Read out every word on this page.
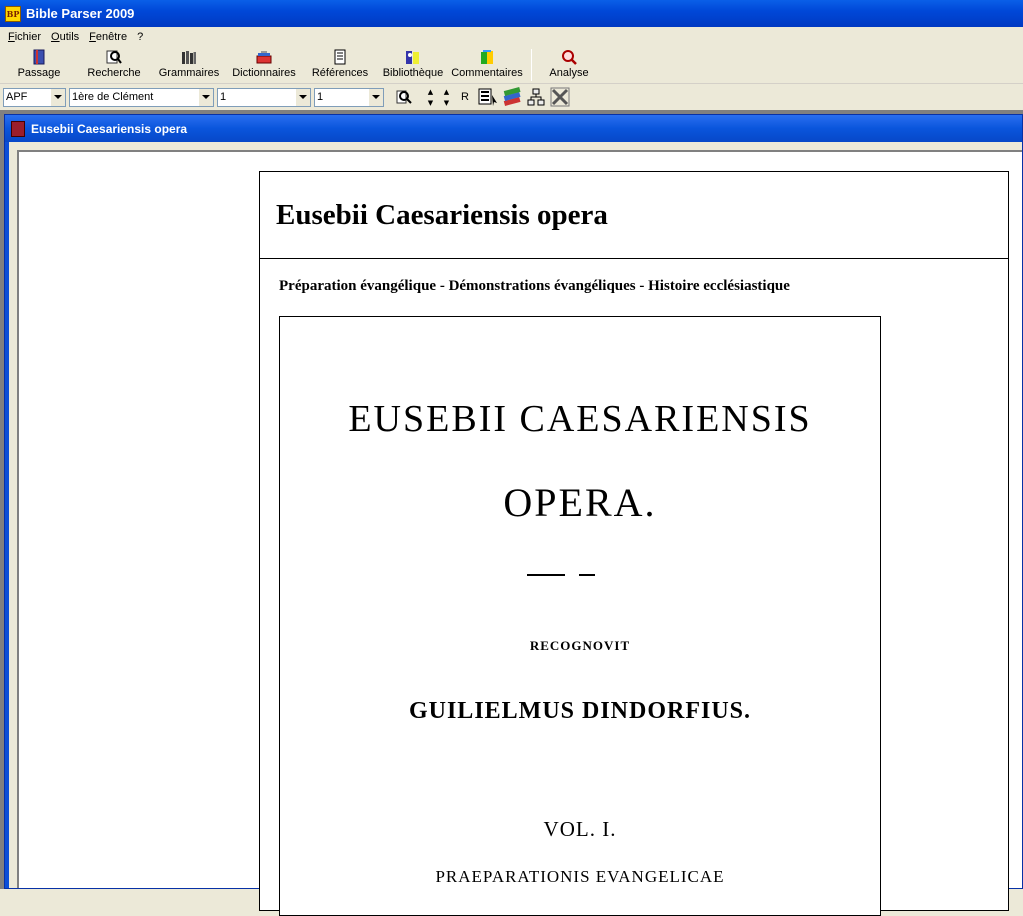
BP Bible Parser 2009
Fichier Outils Fenêtre ?
Passage Recherche Grammaires Dictionnaires Références Bibliothèque Commentaires Analyse
APF	1ère de Clément	1	1	▲
▼
▲
▼	R
Eusebii Caesariensis opera
Eusebii Caesariensis opera
Préparation évangélique - Démonstrations évangéliques - Histoire ecclésiastique
EUSEBII CAESARIENSIS
OPERA.
RECOGNOVIT
GUILIELMUS DINDORFIUS.
VOL. I.
PRAEPARATIONIS EVANGELICAE
